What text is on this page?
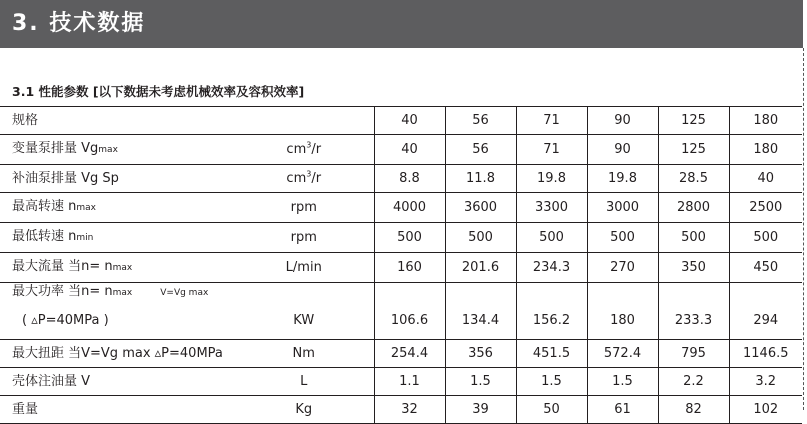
3. 技术数据
3.1 性能参数 [以下数据未考虑机械效率及容积效率]
规格		40	56	71	90	125	180
变量泵排量 Vgmax	$cm^3/r$	40	56	71	90	125	180
补油泵排量 Vg Sp	$cm^3/r$	8.8	11.8	19.8	19.8	28.5	40
最高转速 nmax	rpm	4000	3600	3300	3000	2800	2500
最低转速 nmin	rpm	500	500	500	500	500	500
最大流量 当n= nmax	L/min	160	201.6	234.3	270	350	450
最大功率 当n= nmax V=Vg max
( ▵P=40MPa )	KW	106.6	134.4	156.2	180	233.3	294

最大扭距 当V=Vg max ▵P=40MPa	Nm	254.4	356	451.5	572.4	795	1146.5
壳体注油量 V	L	1.1	1.5	1.5	1.5	2.2	3.2
重量	Kg	32	39	50	61	82	102
